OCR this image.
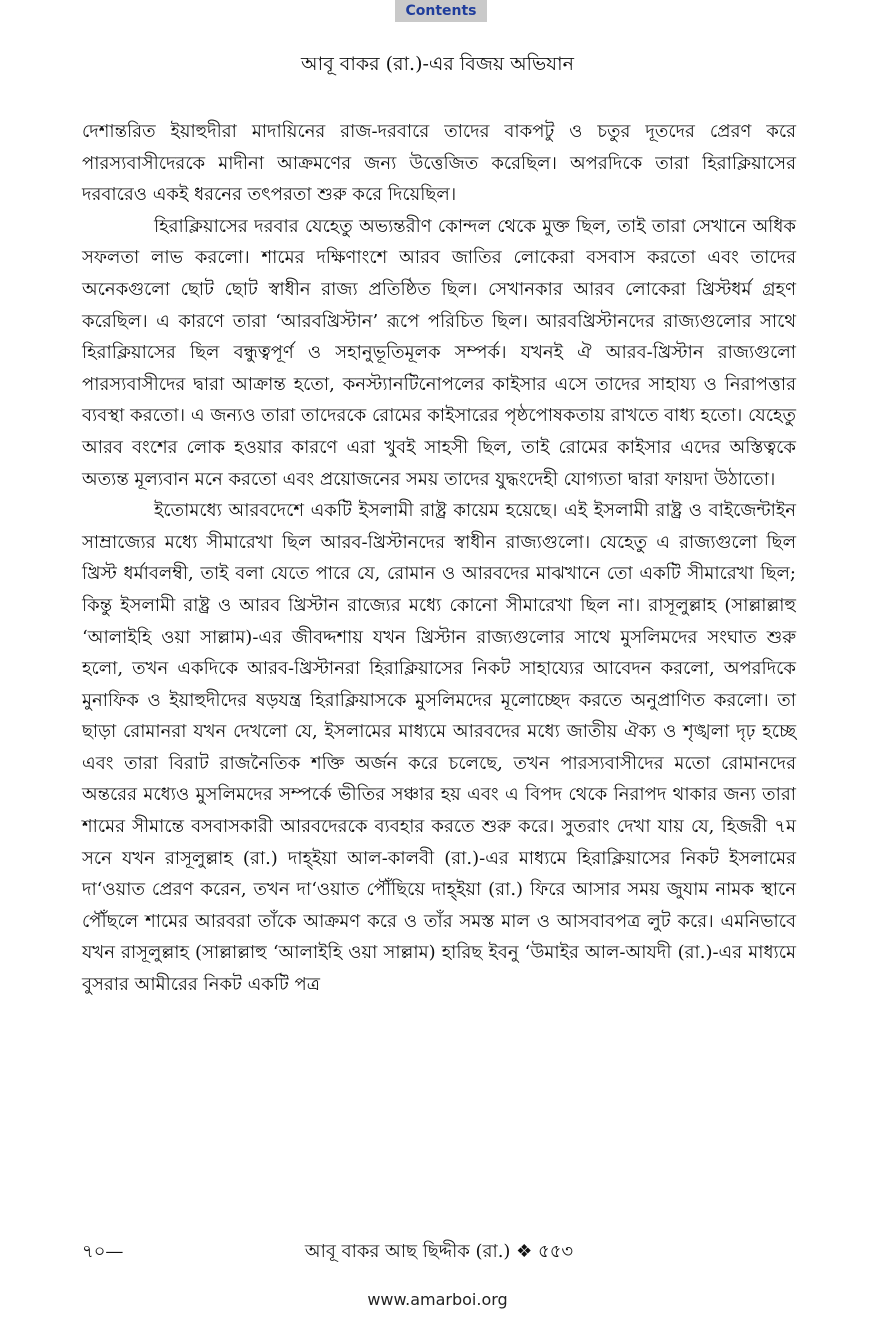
Contents
আবূ বাকর (রা.)-এর বিজয় অভিযান

দেশান্তরিত ইয়াহুদীরা মাদায়িনের রাজ-দরবারে তাদের বাকপটু ও চতুর দূতদের প্রেরণ করে পারস্যবাসীদেরকে মাদীনা আক্রমণের জন্য উত্তেজিত করেছিল। অপরদিকে তারা হিরাক্লিয়াসের দরবারেও একই ধরনের তৎপরতা শুরু করে দিয়েছিল।

হিরাক্লিয়াসের দরবার যেহেতু অভ্যন্তরীণ কোন্দল থেকে মুক্ত ছিল, তাই তারা সেখানে অধিক সফলতা লাভ করলো। শামের দক্ষিণাংশে আরব জাতির লোকেরা বসবাস করতো এবং তাদের অনেকগুলো ছোট ছোট স্বাধীন রাজ্য প্রতিষ্ঠিত ছিল। সেখানকার আরব লোকেরা খ্রিস্টধর্ম গ্রহণ করেছিল। এ কারণে তারা ‘আরবখ্রিস্টান’ রূপে পরিচিত ছিল। আরবখ্রিস্টানদের রাজ্যগুলোর সাথে হিরাক্লিয়াসের ছিল বন্ধুত্বপূর্ণ ও সহানুভূতিমূলক সম্পর্ক। যখনই ঐ আরব-খ্রিস্টান রাজ্যগুলো পারস্যবাসীদের দ্বারা আক্রান্ত হতো, কনস্ট্যানটিনোপলের কাইসার এসে তাদের সাহায্য ও নিরাপত্তার ব্যবস্থা করতো। এ জন্যও তারা তাদেরকে রোমের কাইসারের পৃষ্ঠপোষকতায় রাখতে বাধ্য হতো। যেহেতু আরব বংশের লোক হওয়ার কারণে এরা খুবই সাহসী ছিল, তাই রোমের কাইসার এদের অস্তিত্বকে অত্যন্ত মূল্যবান মনে করতো এবং প্রয়োজনের সময় তাদের যুদ্ধংদেহী যোগ্যতা দ্বারা ফায়দা উঠাতো।

ইতোমধ্যে আরবদেশে একটি ইসলামী রাষ্ট্র কায়েম হয়েছে। এই ইসলামী রাষ্ট্র ও বাইজেন্টাইন সাম্রাজ্যের মধ্যে সীমারেখা ছিল আরব-খ্রিস্টানদের স্বাধীন রাজ্যগুলো। যেহেতু এ রাজ্যগুলো ছিল খ্রিস্ট ধর্মাবলম্বী, তাই বলা যেতে পারে যে, রোমান ও আরবদের মাঝখানে তো একটি সীমারেখা ছিল; কিন্তু ইসলামী রাষ্ট্র ও আরব খ্রিস্টান রাজ্যের মধ্যে কোনো সীমারেখা ছিল না। রাসূলুল্লাহ (সাল্লাল্লাহু ‘আলাইহি ওয়া সাল্লাম)-এর জীবদ্দশায় যখন খ্রিস্টান রাজ্যগুলোর সাথে মুসলিমদের সংঘাত শুরু হলো, তখন একদিকে আরব-খ্রিস্টানরা হিরাক্লিয়াসের নিকট সাহায্যের আবেদন করলো, অপরদিকে মুনাফিক ও ইয়াহুদীদের ষড়যন্ত্র হিরাক্লিয়াসকে মুসলিমদের মূলোচ্ছেদ করতে অনুপ্রাণিত করলো। তা ছাড়া রোমানরা যখন দেখলো যে, ইসলামের মাধ্যমে আরবদের মধ্যে জাতীয় ঐক্য ও শৃঙ্খলা দৃঢ় হচ্ছে এবং তারা বিরাট রাজনৈতিক শক্তি অর্জন করে চলেছে, তখন পারস্যবাসীদের মতো রোমানদের অন্তরের মধ্যেও মুসলিমদের সম্পর্কে ভীতির সঞ্চার হয় এবং এ বিপদ থেকে নিরাপদ থাকার জন্য তারা শামের সীমান্তে বসবাসকারী আরবদেরকে ব্যবহার করতে শুরু করে। সুতরাং দেখা যায় যে, হিজরী ৭ম সনে যখন রাসূলুল্লাহ (রা.) দাহ্ইয়া আল-কালবী (রা.)-এর মাধ্যমে হিরাক্লিয়াসের নিকট ইসলামের দা‘ওয়াত প্রেরণ করেন, তখন দা‘ওয়াত পৌঁছিয়ে দাহ্ইয়া (রা.) ফিরে আসার সময় জুযাম নামক স্থানে পৌঁছলে শামের আরবরা তাঁকে আক্রমণ করে ও তাঁর সমস্ত মাল ও আসবাবপত্র লুট করে। এমনিভাবে যখন রাসূলুল্লাহ (সাল্লাল্লাহু ‘আলাইহি ওয়া সাল্লাম) হারিছ ইবনু ‘উমাইর আল-আযদী (রা.)-এর মাধ্যমে বুসরার আমীরের নিকট একটি পত্র

৭০—	আবূ বাকর আছ ছিদ্দীক (রা.) ❖ ৫৫৩
www.amarboi.org
